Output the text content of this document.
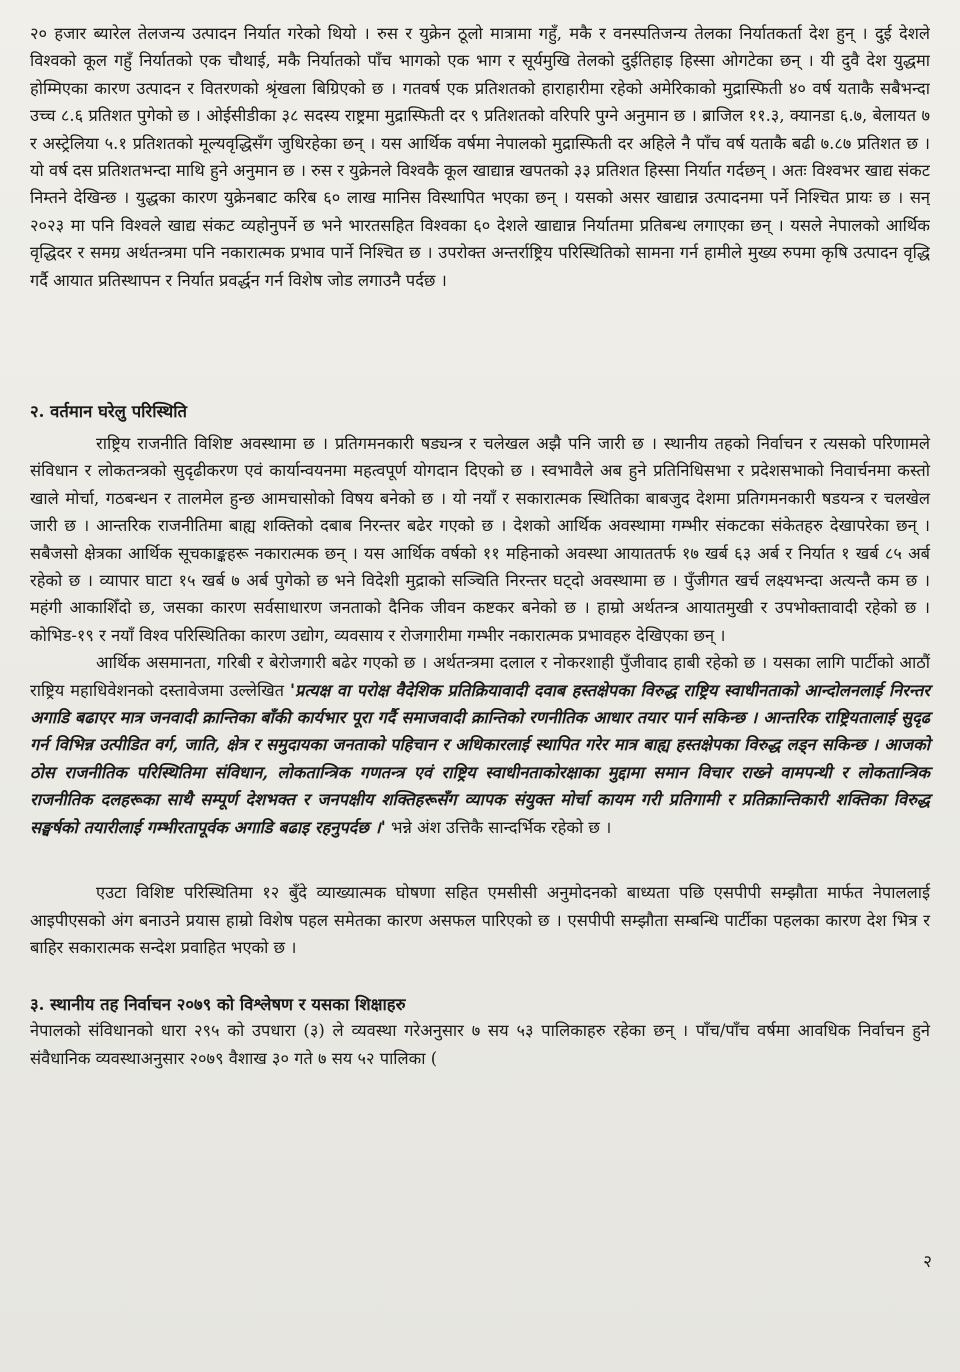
२० हजार ब्यारेल तेलजन्य उत्पादन निर्यात गरेको थियो । रुस र युक्रेन ठूलो मात्रामा गहुँ, मकै र वनस्पतिजन्य तेलका निर्यातकर्ता देश हुन् । दुई देशले विश्वको कूल गहुँ निर्यातको एक चौथाई, मकै निर्यातको पाँच भागको एक भाग र सूर्यमुखि तेलको दुईतिहाइ हिस्सा ओगटेका छन् । यी दुवै देश युद्धमा होम्मिएका कारण उत्पादन र वितरणको श्रृंखला बिग्रिएको छ । गतवर्ष एक प्रतिशतको हाराहारीमा रहेको अमेरिकाको मुद्रास्फिती ४० वर्ष यताकै सबैभन्दा उच्च ८.६ प्रतिशत पुगेको छ । ओईसीडीका ३८ सदस्य राष्ट्रमा मुद्रास्फिती दर ९ प्रतिशतको वरिपरि पुग्ने अनुमान छ । ब्राजिल ११.३, क्यानडा ६.७, बेलायत ७ र अस्ट्रेलिया ५.१ प्रतिशतको मूल्यवृद्धिसँग जुधिरहेका छन् । यस आर्थिक वर्षमा नेपालको मुद्रास्फिती दर अहिले नै पाँच वर्ष यताकै बढी ७.८७ प्रतिशत छ । यो वर्ष दस प्रतिशतभन्दा माथि हुने अनुमान छ । रुस र युक्रेनले विश्वकै कूल खाद्यान्न खपतको ३३ प्रतिशत हिस्सा निर्यात गर्दछन् । अतः विश्वभर खाद्य संकट निम्तने देखिन्छ । युद्धका कारण युक्रेनबाट करिब ६० लाख मानिस विस्थापित भएका छन् । यसको असर खाद्यान्न उत्पादनमा पर्ने निश्चित प्रायः छ । सन् २०२३ मा पनि विश्वले खाद्य संकट व्यहोनुपर्ने छ भने भारतसहित विश्वका ६० देशले खाद्यान्न निर्यातमा प्रतिबन्ध लगाएका छन् । यसले नेपालको आर्थिक वृद्धिदर र समग्र अर्थतन्त्रमा पनि नकारात्मक प्रभाव पार्ने निश्चित छ । उपरोक्त अन्तर्राष्ट्रिय परिस्थितिको सामना गर्न हामीले मुख्य रुपमा कृषि उत्पादन वृद्धि गर्दै आयात प्रतिस्थापन र निर्यात प्रवर्द्धन गर्न विशेष जोड लगाउनै पर्दछ ।

२. वर्तमान घरेलु परिस्थिति

राष्ट्रिय राजनीति विशिष्ट अवस्थामा छ । प्रतिगमनकारी षड्यन्त्र र चलेखल अझै पनि जारी छ । स्थानीय तहको निर्वाचन र त्यसको परिणामले संविधान र लोकतन्त्रको सुदृढीकरण एवं कार्यान्वयनमा महत्वपूर्ण योगदान दिएको छ । स्वभावैले अब हुने प्रतिनिधिसभा र प्रदेशसभाको निवार्चनमा कस्तो खाले मोर्चा, गठबन्धन र तालमेल हुन्छ आमचासोको विषय बनेको छ । यो नयाँ र सकारात्मक स्थितिका बाबजुद देशमा प्रतिगमनकारी षडयन्त्र र चलखेल जारी छ । आन्तरिक राजनीतिमा बाह्य शक्तिको दबाब निरन्तर बढेर गएको छ । देशको आर्थिक अवस्थामा गम्भीर संकटका संकेतहरु देखापरेका छन् । सबैजसो क्षेत्रका आर्थिक सूचकाङ्कहरू नकारात्मक छन् । यस आर्थिक वर्षको ११ महिनाको अवस्था आयाततर्फ १७ खर्ब ६३ अर्ब र निर्यात १ खर्ब ८५ अर्ब रहेको छ । व्यापार घाटा १५ खर्ब ७ अर्ब पुगेको छ भने विदेशी मुद्राको सञ्चिति निरन्तर घट्दो अवस्थामा छ । पुँजीगत खर्च लक्ष्यभन्दा अत्यन्तै कम छ । महंगी आकाशिँदो छ, जसका कारण सर्वसाधारण जनताको दैनिक जीवन कष्टकर बनेको छ । हाम्रो अर्थतन्त्र आयातमुखी र उपभोक्तावादी रहेको छ । कोभिड-१९ र नयाँ विश्व परिस्थितिका कारण उद्योग, व्यवसाय र रोजगारीमा गम्भीर नकारात्मक प्रभावहरु देखिएका छन् ।

आर्थिक असमानता, गरिबी र बेरोजगारी बढेर गएको छ । अर्थतन्त्रमा दलाल र नोकरशाही पुँजीवाद हाबी रहेको छ । यसका लागि पार्टीको आठौं राष्ट्रिय महाधिवेशनको दस्तावेजमा उल्लेखित 'प्रत्यक्ष वा परोक्ष वैदेशिक प्रतिक्रियावादी दवाब हस्तक्षेपका विरुद्ध राष्ट्रिय स्वाधीनताको आन्दोलनलाई निरन्तर अगाडि बढाएर मात्र जनवादी क्रान्तिका बाँकी कार्यभार पूरा गर्दै समाजवादी क्रान्तिको रणनीतिक आधार तयार पार्न सकिन्छ । आन्तरिक राष्ट्रियतालाई सुदृढ गर्न विभिन्न उत्पीडित वर्ग, जाति, क्षेत्र र समुदायका जनताको पहिचान र अधिकारलाई स्थापित गरेर मात्र बाह्य हस्तक्षेपका विरुद्ध लड्न सकिन्छ । आजको ठोस राजनीतिक परिस्थितिमा संविधान, लोकतान्त्रिक गणतन्त्र एवं राष्ट्रिय स्वाधीनताकोरक्षाका मुद्दामा समान विचार राख्ने वामपन्थी र लोकतान्त्रिक राजनीतिक दलहरूका साथै सम्पूर्ण देशभक्त र जनपक्षीय शक्तिहरूसँग व्यापक संयुक्त मोर्चा कायम गरी प्रतिगामी र प्रतिक्रान्तिकारी शक्तिका विरुद्ध सङ्घर्षको तयारीलाई गम्भीरतापूर्वक अगाडि बढाइ रहनुपर्दछ ।' भन्ने अंश उत्तिकै सान्दर्भिक रहेको छ ।

एउटा विशिष्ट परिस्थितिमा १२ बुँदे व्याख्यात्मक घोषणा सहित एमसीसी अनुमोदनको बाध्यता पछि एसपीपी सम्झौता मार्फत नेपाललाई आइपीएसको अंग बनाउने प्रयास हाम्रो विशेष पहल समेतका कारण असफल पारिएको छ । एसपीपी सम्झौता सम्बन्धि पार्टीका पहलका कारण देश भित्र र बाहिर सकारात्मक सन्देश प्रवाहित भएको छ ।

३. स्थानीय तह निर्वाचन २०७९ को विश्लेषण र यसका शिक्षाहरु

नेपालको संविधानको धारा २९५ को उपधारा (३) ले व्यवस्था गरेअनुसार ७ सय ५३ पालिकाहरु रहेका छन् । पाँच/पाँच वर्षमा आवधिक निर्वाचन हुने संवैधानिक व्यवस्थाअनुसार २०७९ वैशाख ३० गते ७ सय ५२ पालिका (

२
